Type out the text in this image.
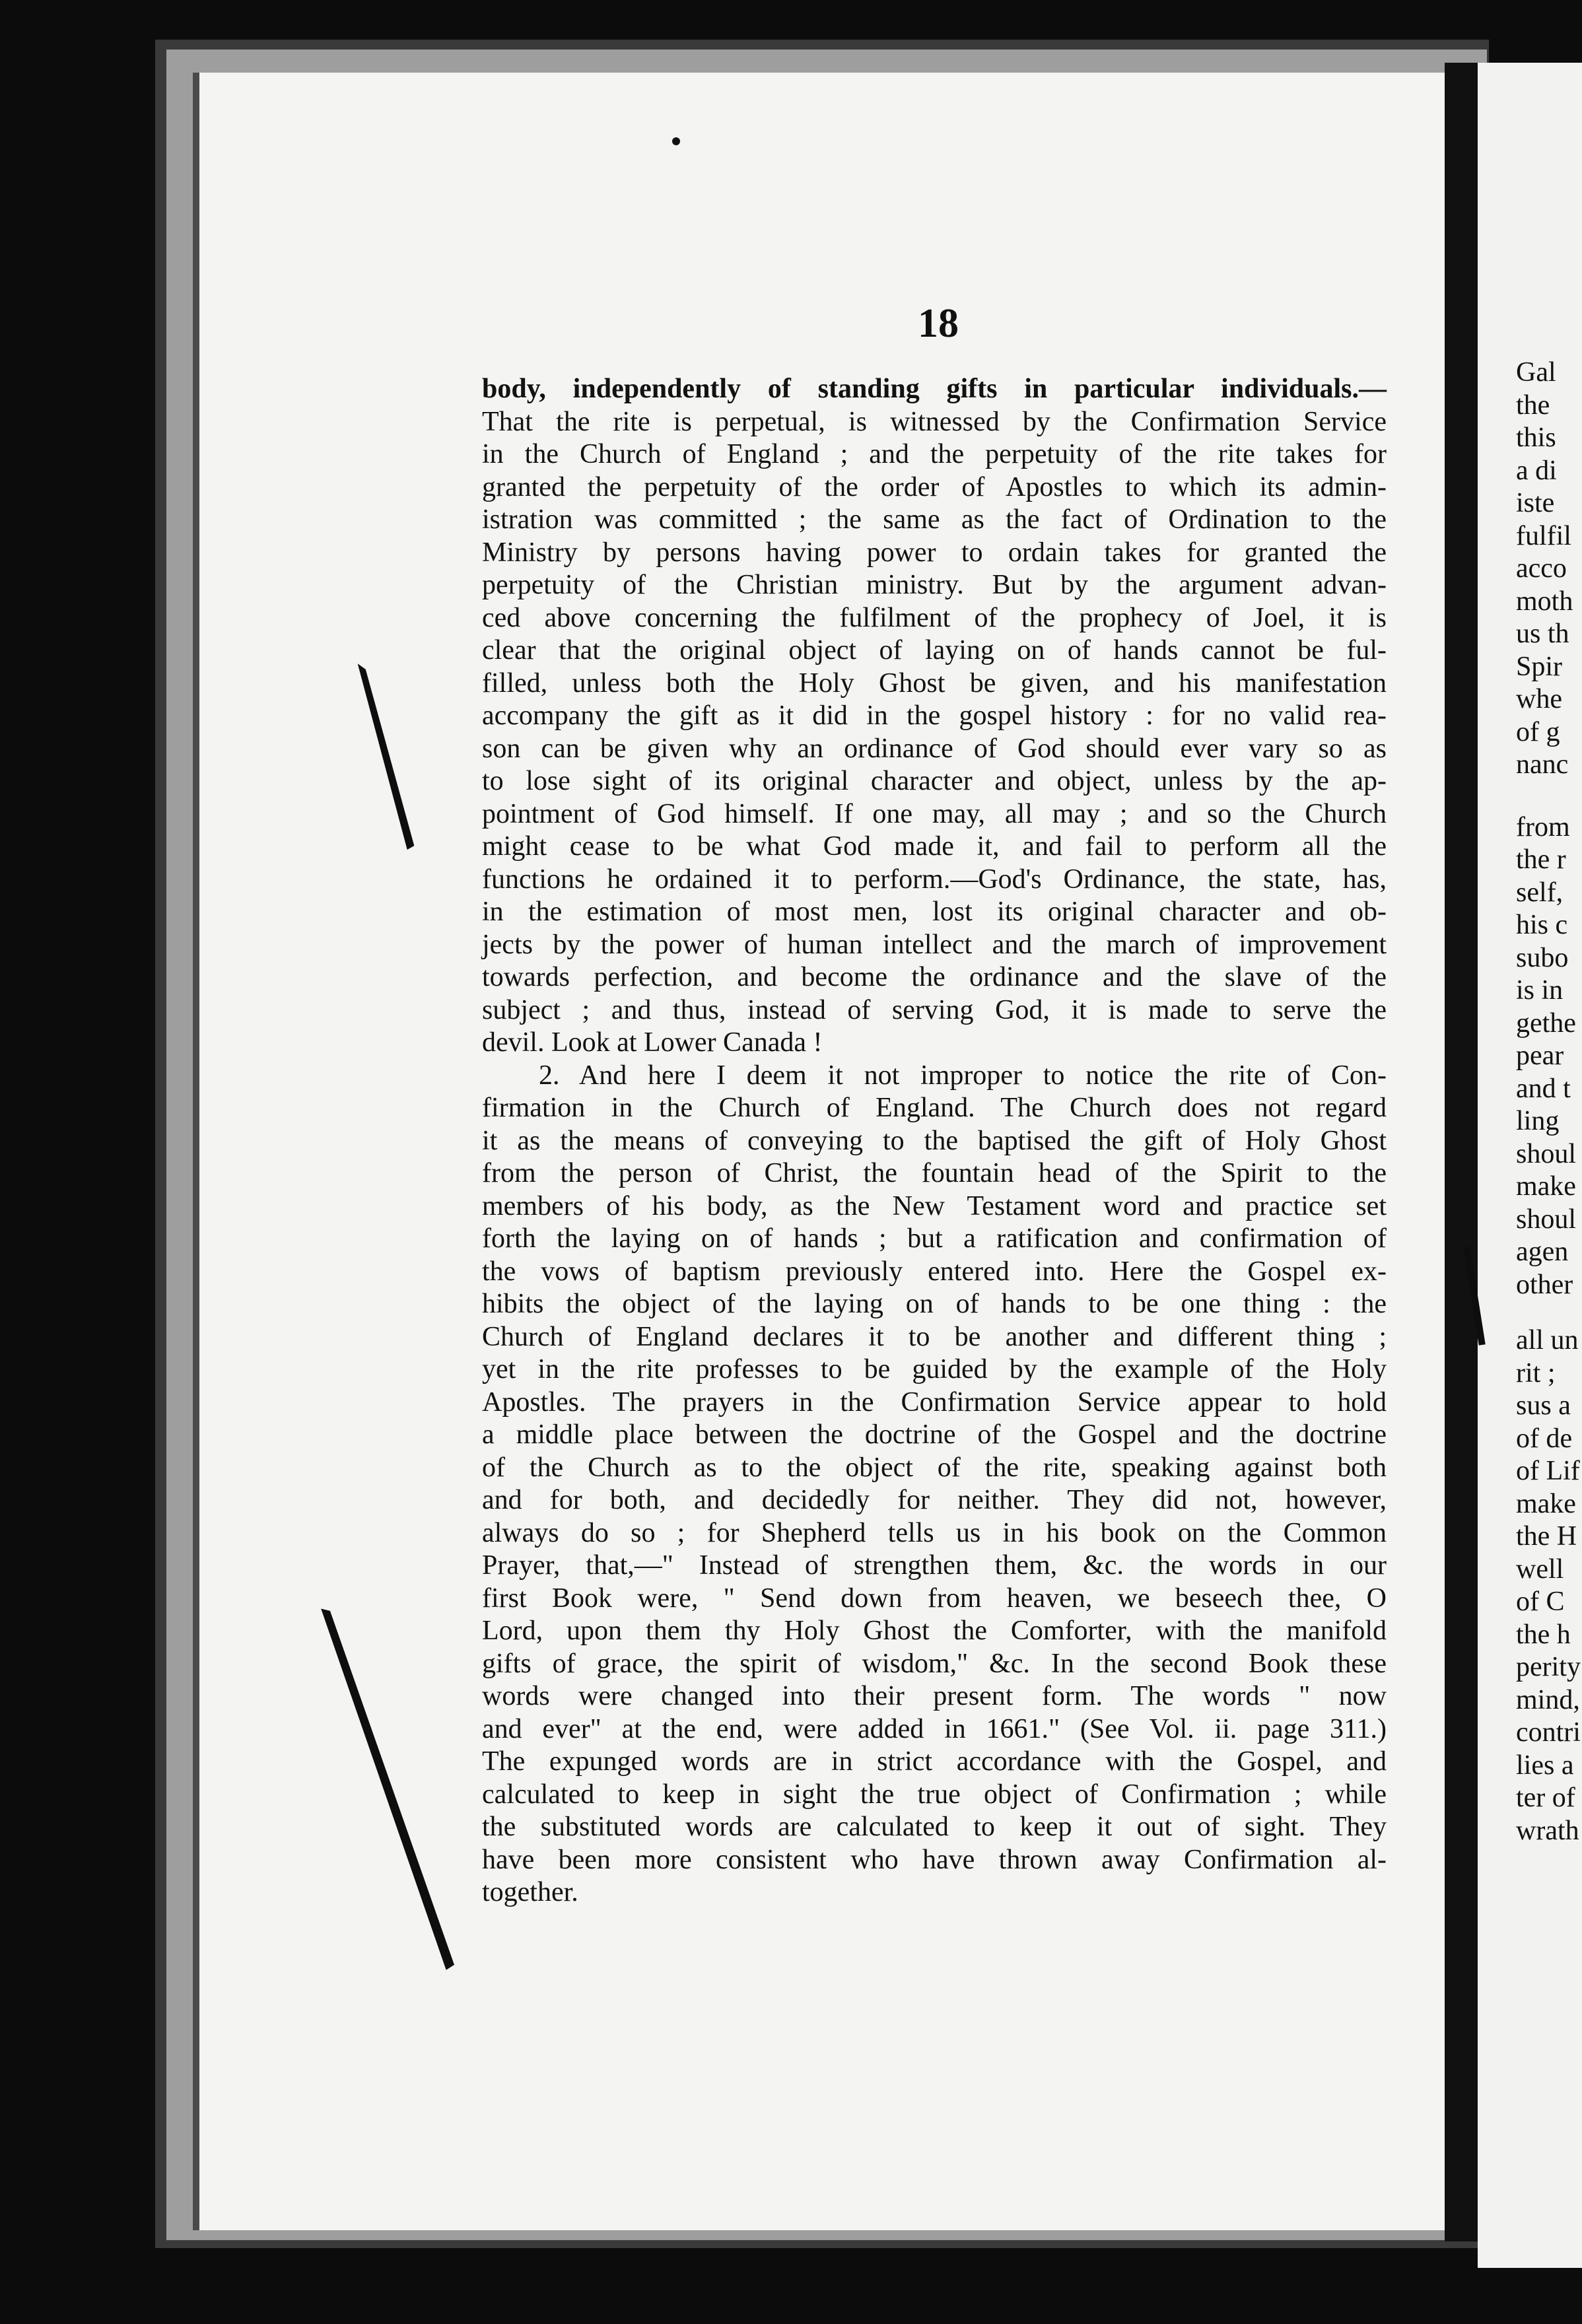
18

body, independently of standing gifts in particular individuals.—
That the rite is perpetual, is witnessed by the Confirmation Service
in the Church of England ; and the perpetuity of the rite takes for
granted the perpetuity of the order of Apostles to which its admin-
istration was committed ; the same as the fact of Ordination to the
Ministry by persons having power to ordain takes for granted the
perpetuity of the Christian ministry. But by the argument advan-
ced above concerning the fulfilment of the prophecy of Joel, it is
clear that the original object of laying on of hands cannot be ful-
filled, unless both the Holy Ghost be given, and his manifestation
accompany the gift as it did in the gospel history : for no valid rea-
son can be given why an ordinance of God should ever vary so as
to lose sight of its original character and object, unless by the ap-
pointment of God himself. If one may, all may ; and so the Church
might cease to be what God made it, and fail to perform all the
functions he ordained it to perform.—God's Ordinance, the state, has,
in the estimation of most men, lost its original character and ob-
jects by the power of human intellect and the march of improvement
towards perfection, and become the ordinance and the slave of the
subject ; and thus, instead of serving God, it is made to serve the
devil. Look at Lower Canada !
2. And here I deem it not improper to notice the rite of Con-
firmation in the Church of England. The Church does not regard
it as the means of conveying to the baptised the gift of Holy Ghost
from the person of Christ, the fountain head of the Spirit to the
members of his body, as the New Testament word and practice set
forth the laying on of hands ; but a ratification and confirmation of
the vows of baptism previously entered into. Here the Gospel ex-
hibits the object of the laying on of hands to be one thing : the
Church of England declares it to be another and different thing ;
yet in the rite professes to be guided by the example of the Holy
Apostles. The prayers in the Confirmation Service appear to hold
a middle place between the doctrine of the Gospel and the doctrine
of the Church as to the object of the rite, speaking against both
and for both, and decidedly for neither. They did not, however,
always do so ; for Shepherd tells us in his book on the Common
Prayer, that,—" Instead of strengthen them, &c. the words in our
first Book were, " Send down from heaven, we beseech thee, O
Lord, upon them thy Holy Ghost the Comforter, with the manifold
gifts of grace, the spirit of wisdom," &c. In the second Book these
words were changed into their present form. The words " now
and ever" at the end, were added in 1661." (See Vol. ii. page 311.)
The expunged words are in strict accordance with the Gospel, and
calculated to keep in sight the true object of Confirmation ; while
the substituted words are calculated to keep it out of sight. They
have been more consistent who have thrown away Confirmation al-
together.
Gal
the
this
a di
iste
fulfil
acco
moth
us th
Spir
whe
of g
nanc
from
the r
self,
his c
subo
is in
gethe
pear
and t
ling
shoul
make
shoul
agen
other
all un
rit ;
sus a
of de
of Lif
make
the H
well
of C
the h
perity
mind,
contri
lies a
ter of
wrath
